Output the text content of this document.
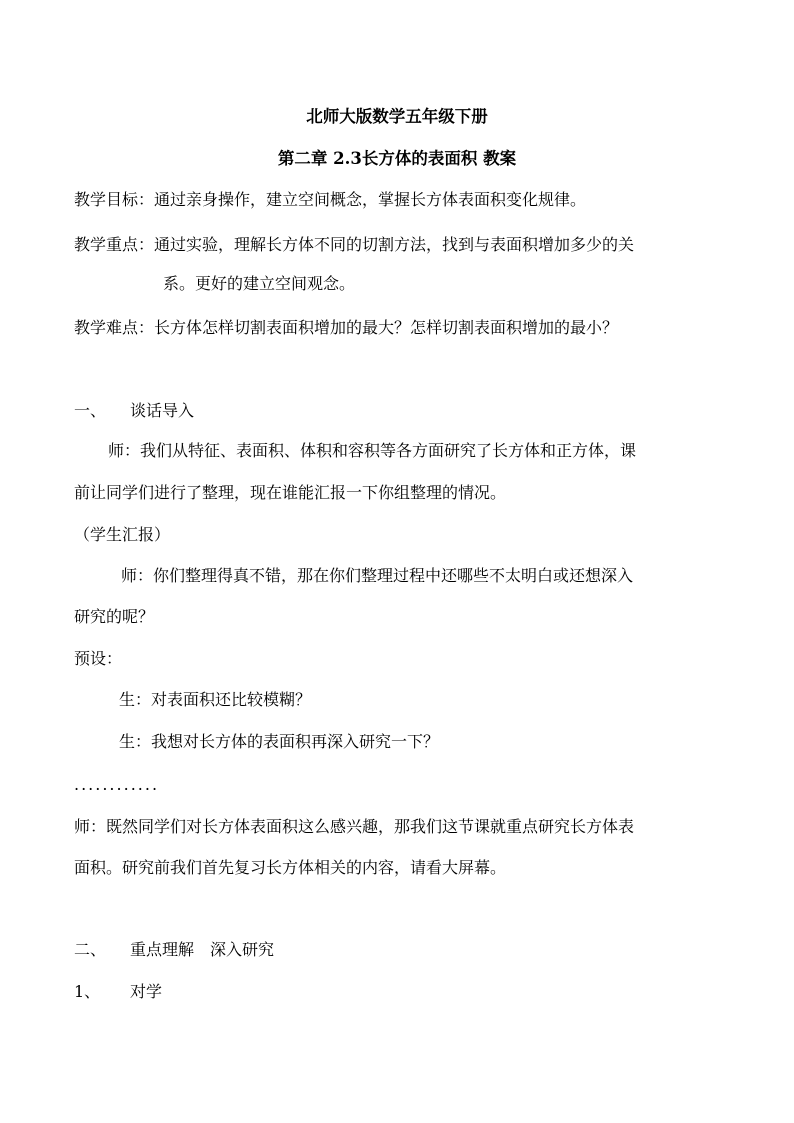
北师大版数学五年级下册
第二章 2.3长方体的表面积 教案
教学目标：通过亲身操作，建立空间概念，掌握长方体表面积变化规律。
教学重点：通过实验，理解长方体不同的切割方法，找到与表面积增加多少的关
系。更好的建立空间观念。
教学难点：长方体怎样切割表面积增加的最大？怎样切割表面积增加的最小？
一、 谈话导入
师：我们从特征、表面积、体积和容积等各方面研究了长方体和正方体，课
前让同学们进行了整理，现在谁能汇报一下你组整理的情况。
（学生汇报）
师：你们整理得真不错，那在你们整理过程中还哪些不太明白或还想深入
研究的呢？
预设：
生：对表面积还比较模糊？
生：我想对长方体的表面积再深入研究一下？
............
师：既然同学们对长方体表面积这么感兴趣，那我们这节课就重点研究长方体表
面积。研究前我们首先复习长方体相关的内容，请看大屏幕。
二、 重点理解　深入研究
1、 对学
